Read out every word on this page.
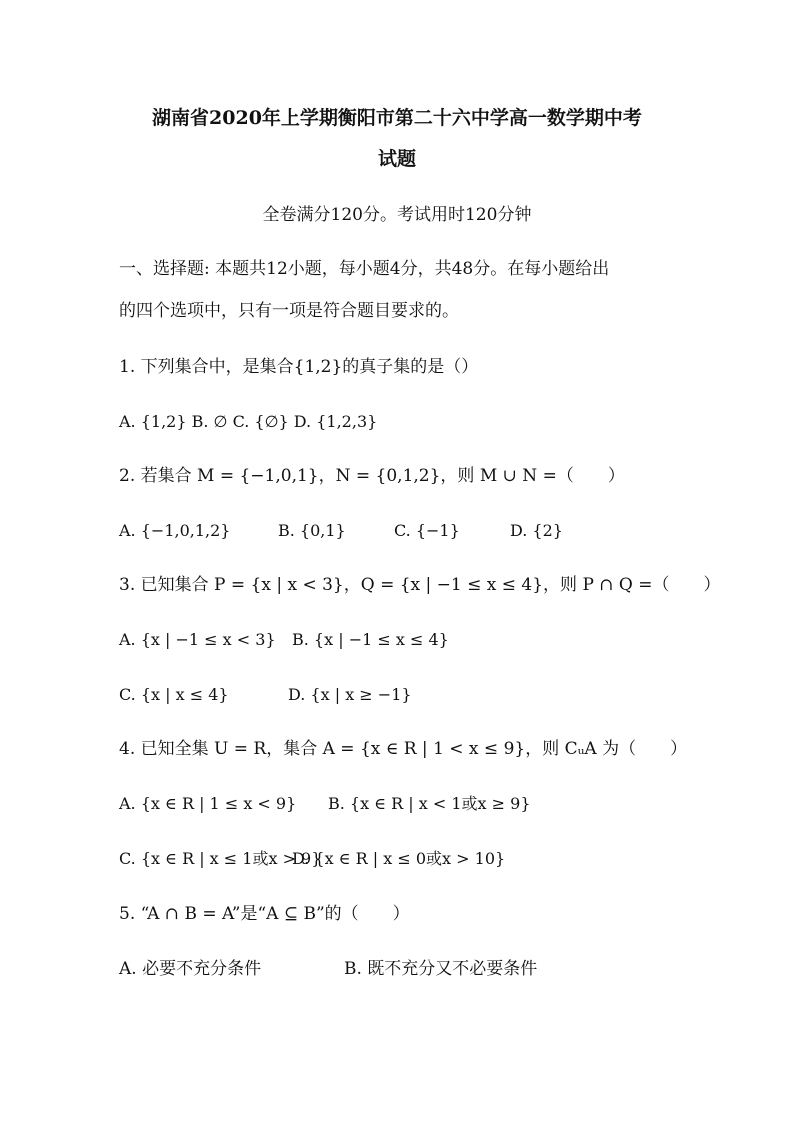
湖南省2020年上学期衡阳市第二十六中学高一数学期中考
试题
全卷满分120分。考试用时120分钟
一、选择题: 本题共12小题，每小题4分，共48分。在每小题给出
的四个选项中，只有一项是符合题目要求的。
1. 下列集合中，是集合{1,2}的真子集的是（）
A. {1,2} B. ∅ C. {∅} D. {1,2,3}
2. 若集合 M = {−1,0,1}，N = {0,1,2}，则 M ∪ N =（　　）
A. {−1,0,1,2}	B. {0,1}	C. {−1}	D. {2}
3. 已知集合 P = {x | x < 3}，Q = {x | −1 ≤ x ≤ 4}，则 P ∩ Q =（　　）
A. {x | −1 ≤ x < 3} B. {x | −1 ≤ x ≤ 4}
C. {x | x ≤ 4}	D. {x | x ≥ −1}
4. 已知全集 U = R，集合 A = {x ∈ R | 1 < x ≤ 9}，则 CᵤA 为（　　）
A. {x ∈ R | 1 ≤ x < 9} B. {x ∈ R | x < 1或x ≥ 9}
C. {x ∈ R | x ≤ 1或x > 9}
D. {x ∈ R | x ≤ 0或x > 10}
5. “A ∩ B = A”是“A ⊆ B”的（　　）
A. 必要不充分条件	B. 既不充分又不必要条件
